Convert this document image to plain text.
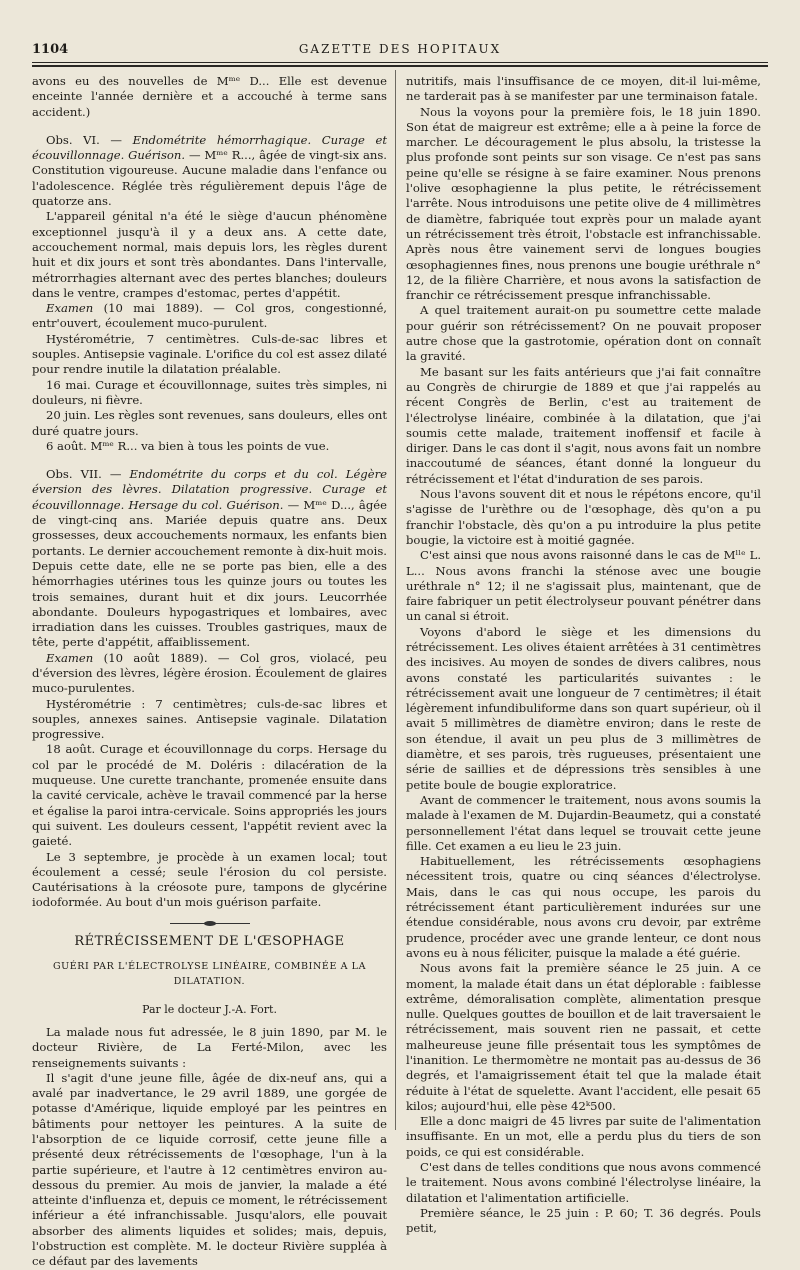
1104	GAZETTE DES HOPITAUX

avons eu des nouvelles de Mᵐᵉ D... Elle est devenue enceinte l'année dernière et a accouché à terme sans accident.)

Obs. VI. — Endométrite hémorrhagique. Curage et écouvillonnage. Guérison. — Mᵐᵉ R..., âgée de vingt-six ans. Constitution vigoureuse. Aucune maladie dans l'enfance ou l'adolescence. Réglée très régulièrement depuis l'âge de quatorze ans.

L'appareil génital n'a été le siège d'aucun phénomène exceptionnel jusqu'à il y a deux ans. A cette date, accouchement normal, mais depuis lors, les règles durent huit et dix jours et sont très abondantes. Dans l'intervalle, métrorrhagies alternant avec des pertes blanches; douleurs dans le ventre, crampes d'estomac, pertes d'appétit.

Examen (10 mai 1889). — Col gros, congestionné, entr'ouvert, écoulement muco-purulent.

Hystérométrie, 7 centimètres. Culs-de-sac libres et souples. Antisepsie vaginale. L'orifice du col est assez dilaté pour rendre inutile la dilatation préalable.

16 mai. Curage et écouvillonnage, suites très simples, ni douleurs, ni fièvre.

20 juin. Les règles sont revenues, sans douleurs, elles ont duré quatre jours.

6 août. Mᵐᵉ R... va bien à tous les points de vue.

Obs. VII. — Endométrite du corps et du col. Légère éversion des lèvres. Dilatation progressive. Curage et écouvillonnage. Hersage du col. Guérison. — Mᵐᵉ D..., âgée de vingt-cinq ans. Mariée depuis quatre ans. Deux grossesses, deux accouchements normaux, les enfants bien portants. Le dernier accouchement remonte à dix-huit mois. Depuis cette date, elle ne se porte pas bien, elle a des hémorrhagies utérines tous les quinze jours ou toutes les trois semaines, durant huit et dix jours. Leucorrhée abondante. Douleurs hypogastriques et lombaires, avec irradiation dans les cuisses. Troubles gastriques, maux de tête, perte d'appétit, affaiblissement.

Examen (10 août 1889). — Col gros, violacé, peu d'éversion des lèvres, légère érosion. Écoulement de glaires muco-purulentes.

Hystérométrie : 7 centimètres; culs-de-sac libres et souples, annexes saines. Antisepsie vaginale. Dilatation progressive.

18 août. Curage et écouvillonnage du corps. Hersage du col par le procédé de M. Doléris : dilacération de la muqueuse. Une curette tranchante, promenée ensuite dans la cavité cervicale, achève le travail commencé par la herse et égalise la paroi intra-cervicale. Soins appropriés les jours qui suivent. Les douleurs cessent, l'appétit revient avec la gaieté.

Le 3 septembre, je procède à un examen local; tout écoulement a cessé; seule l'érosion du col persiste. Cautérisations à la créosote pure, tampons de glycérine iodoformée. Au bout d'un mois guérison parfaite.

RÉTRÉCISSEMENT DE L'ŒSOPHAGE
GUÉRI PAR L'ÉLECTROLYSE LINÉAIRE, COMBINÉE A LA DILATATION.
Par le docteur J.-A. Fort.

La malade nous fut adressée, le 8 juin 1890, par M. le docteur Rivière, de La Ferté-Milon, avec les renseignements suivants :

Il s'agit d'une jeune fille, âgée de dix-neuf ans, qui a avalé par inadvertance, le 29 avril 1889, une gorgée de potasse d'Amérique, liquide employé par les peintres en bâtiments pour nettoyer les peintures. A la suite de l'absorption de ce liquide corrosif, cette jeune fille a présenté deux rétrécissements de l'œsophage, l'un à la partie supérieure, et l'autre à 12 centimètres environ au-dessous du premier. Au mois de janvier, la malade a été atteinte d'influenza et, depuis ce moment, le rétrécissement inférieur a été infranchissable. Jusqu'alors, elle pouvait absorber des aliments liquides et solides; mais, depuis, l'obstruction est complète. M. le docteur Rivière suppléa à ce défaut par des lavements

nutritifs, mais l'insuffisance de ce moyen, dit-il lui-même, ne tarderait pas à se manifester par une terminaison fatale.

Nous la voyons pour la première fois, le 18 juin 1890. Son état de maigreur est extrême; elle a à peine la force de marcher. Le découragement le plus absolu, la tristesse la plus profonde sont peints sur son visage. Ce n'est pas sans peine qu'elle se résigne à se faire examiner. Nous prenons l'olive œsophagienne la plus petite, le rétrécissement l'arrête. Nous introduisons une petite olive de 4 millimètres de diamètre, fabriquée tout exprès pour un malade ayant un rétrécissement très étroit, l'obstacle est infranchissable. Après nous être vainement servi de longues bougies œsophagiennes fines, nous prenons une bougie uréthrale n° 12, de la filière Charrière, et nous avons la satisfaction de franchir ce rétrécissement presque infranchissable.

A quel traitement aurait-on pu soumettre cette malade pour guérir son rétrécissement? On ne pouvait proposer autre chose que la gastrotomie, opération dont on connaît la gravité.

Me basant sur les faits antérieurs que j'ai fait connaître au Congrès de chirurgie de 1889 et que j'ai rappelés au récent Congrès de Berlin, c'est au traitement de l'électrolyse linéaire, combinée à la dilatation, que j'ai soumis cette malade, traitement inoffensif et facile à diriger. Dans le cas dont il s'agit, nous avons fait un nombre inaccoutumé de séances, étant donné la longueur du rétrécissement et l'état d'induration de ses parois.

Nous l'avons souvent dit et nous le répétons encore, qu'il s'agisse de l'urèthre ou de l'œsophage, dès qu'on a pu franchir l'obstacle, dès qu'on a pu introduire la plus petite bougie, la victoire est à moitié gagnée.

C'est ainsi que nous avons raisonné dans le cas de Mˡˡᵉ L. L... Nous avons franchi la sténose avec une bougie uréthrale n° 12; il ne s'agissait plus, maintenant, que de faire fabriquer un petit électrolyseur pouvant pénétrer dans un canal si étroit.

Voyons d'abord le siège et les dimensions du rétrécissement. Les olives étaient arrêtées à 31 centimètres des incisives. Au moyen de sondes de divers calibres, nous avons constaté les particularités suivantes : le rétrécissement avait une longueur de 7 centimètres; il était légèrement infundibuliforme dans son quart supérieur, où il avait 5 millimètres de diamètre environ; dans le reste de son étendue, il avait un peu plus de 3 millimètres de diamètre, et ses parois, très rugueuses, présentaient une série de saillies et de dépressions très sensibles à une petite boule de bougie exploratrice.

Avant de commencer le traitement, nous avons soumis la malade à l'examen de M. Dujardin-Beaumetz, qui a constaté personnellement l'état dans lequel se trouvait cette jeune fille. Cet examen a eu lieu le 23 juin.

Habituellement, les rétrécissements œsophagiens nécessitent trois, quatre ou cinq séances d'électrolyse. Mais, dans le cas qui nous occupe, les parois du rétrécissement étant particulièrement indurées sur une étendue considérable, nous avons cru devoir, par extrême prudence, procéder avec une grande lenteur, ce dont nous avons eu à nous féliciter, puisque la malade a été guérie.

Nous avons fait la première séance le 25 juin. A ce moment, la malade était dans un état déplorable : faiblesse extrême, démoralisation complète, alimentation presque nulle. Quelques gouttes de bouillon et de lait traversaient le rétrécissement, mais souvent rien ne passait, et cette malheureuse jeune fille présentait tous les symptômes de l'inanition. Le thermomètre ne montait pas au-dessus de 36 degrés, et l'amaigrissement était tel que la malade était réduite à l'état de squelette. Avant l'accident, elle pesait 65 kilos; aujourd'hui, elle pèse 42ᵏ500.

Elle a donc maigri de 45 livres par suite de l'alimentation insuffisante. En un mot, elle a perdu plus du tiers de son poids, ce qui est considérable.

C'est dans de telles conditions que nous avons commencé le traitement. Nous avons combiné l'électrolyse linéaire, la dilatation et l'alimentation artificielle.

Première séance, le 25 juin : P. 60; T. 36 degrés. Pouls petit,
